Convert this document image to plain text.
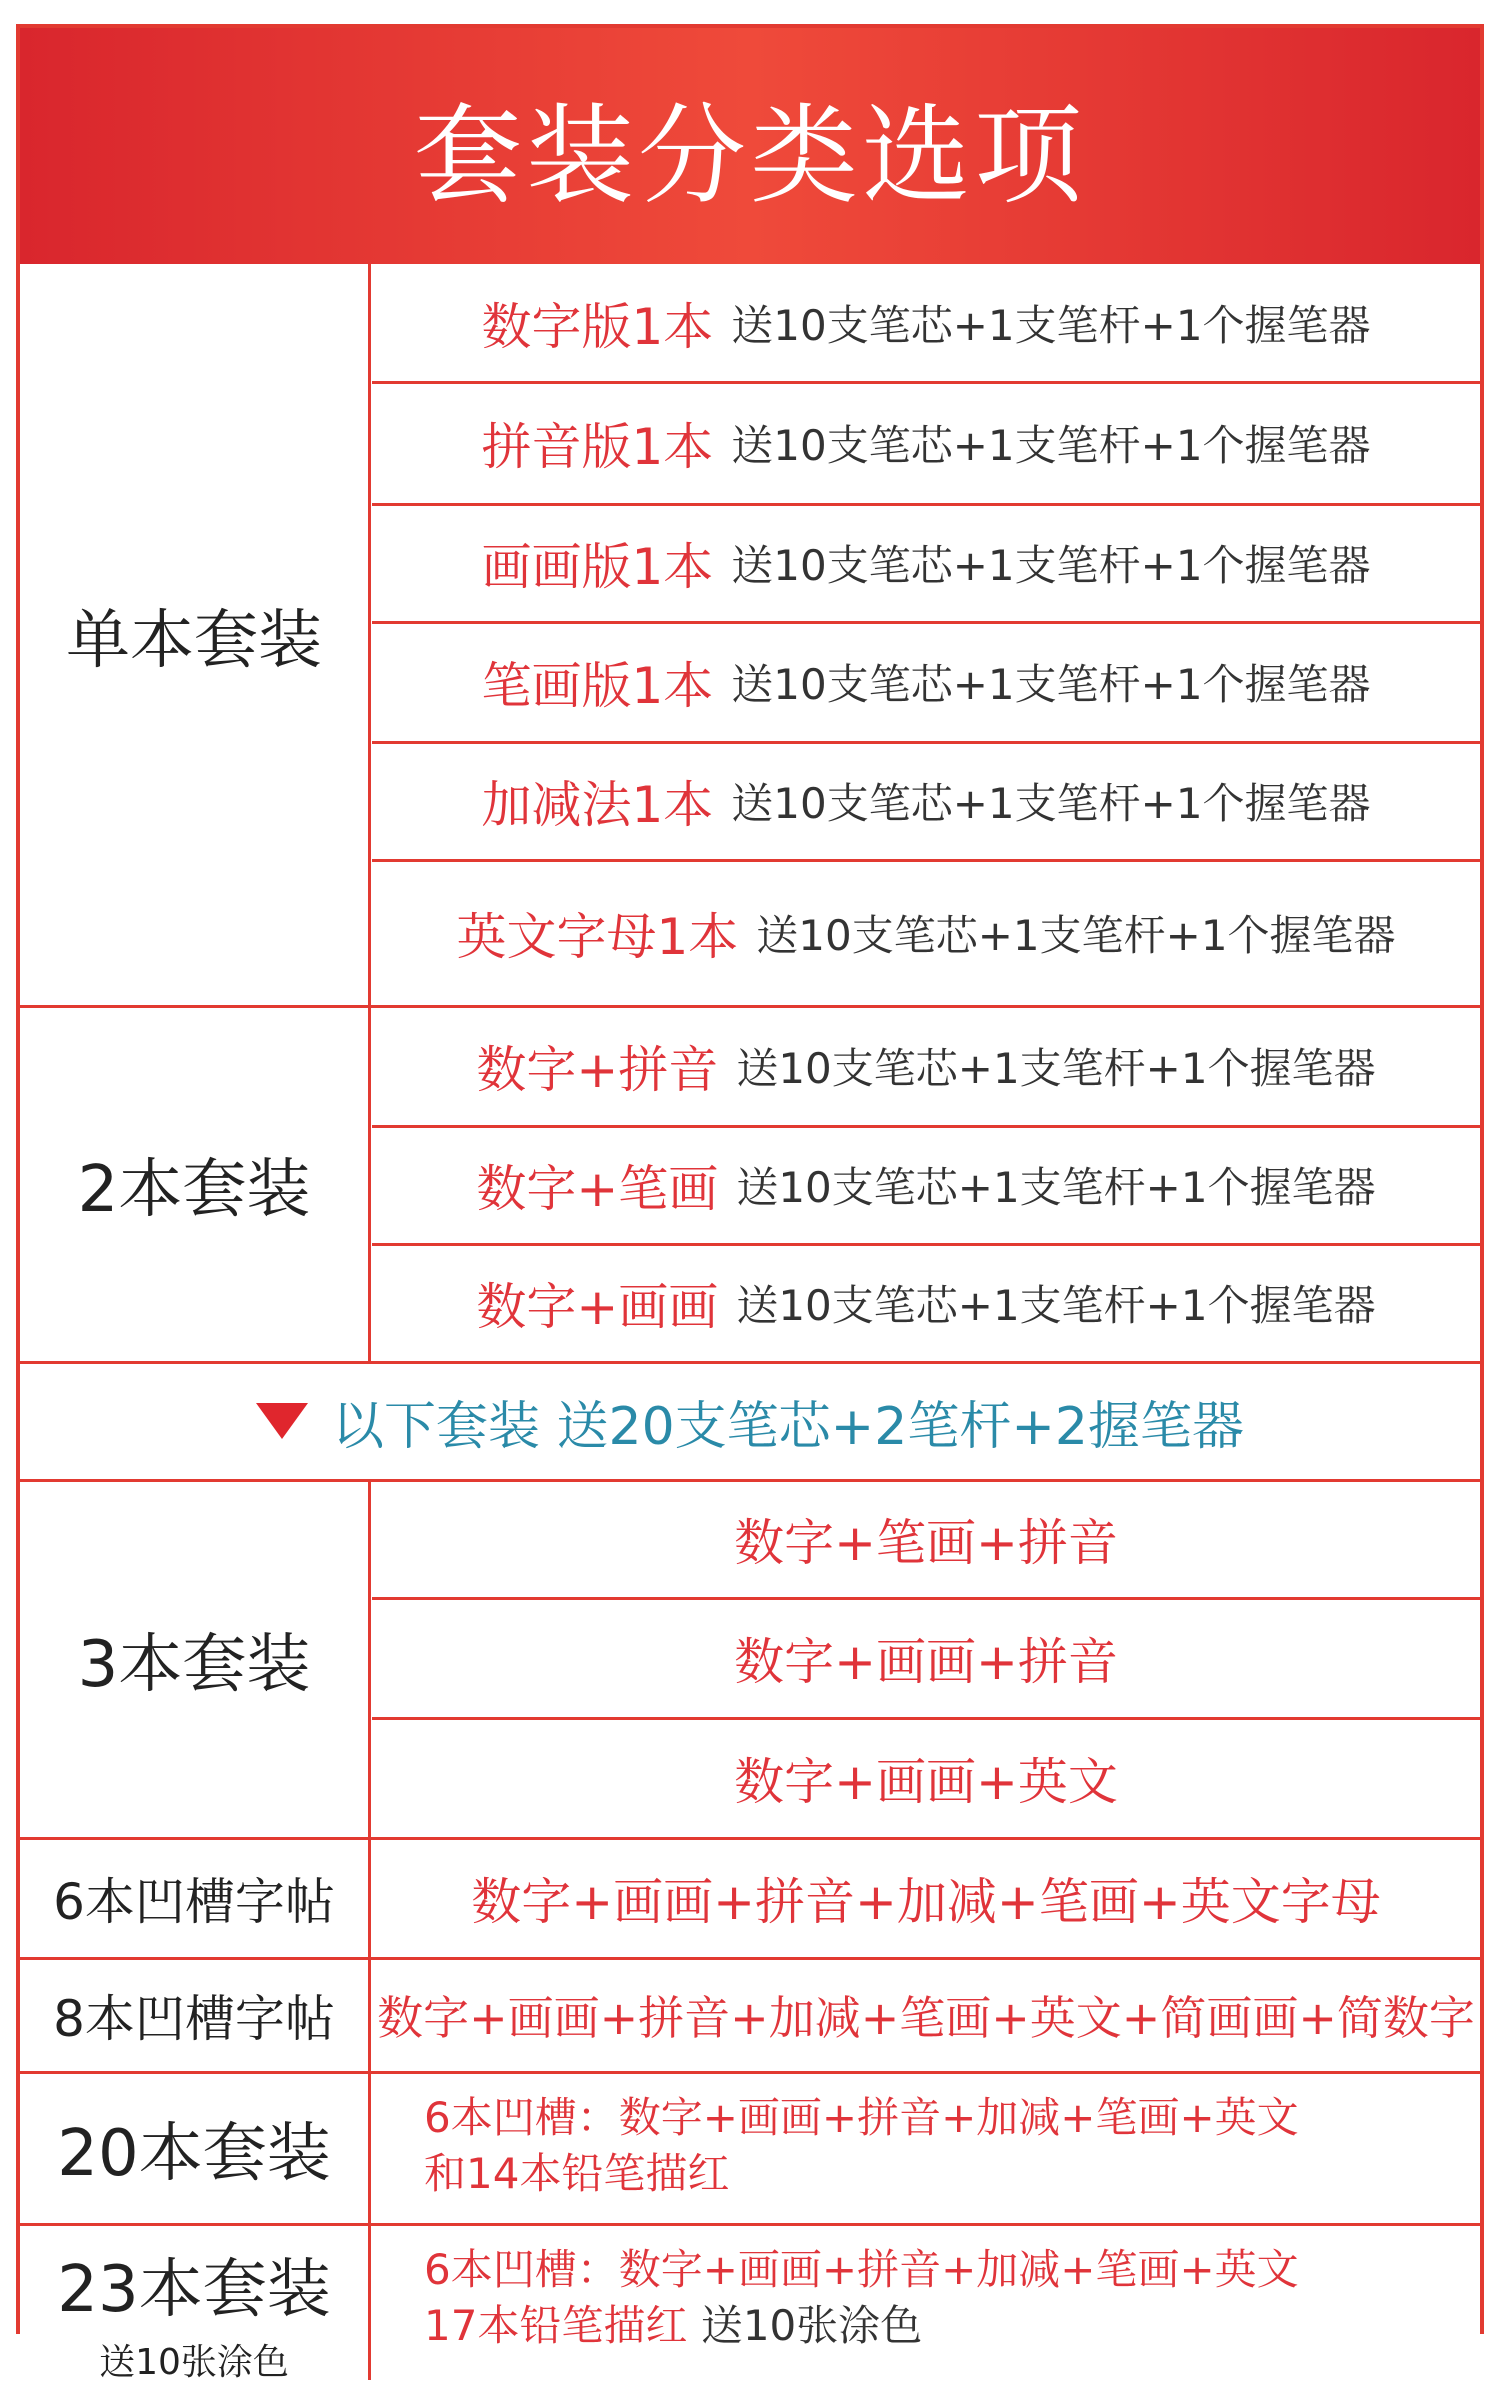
套装分类选项
单本套装
数字版1本 送10支笔芯+1支笔杆+1个握笔器
拼音版1本 送10支笔芯+1支笔杆+1个握笔器
画画版1本 送10支笔芯+1支笔杆+1个握笔器
笔画版1本 送10支笔芯+1支笔杆+1个握笔器
加减法1本 送10支笔芯+1支笔杆+1个握笔器
英文字母1本 送10支笔芯+1支笔杆+1个握笔器
2本套装
数字+拼音 送10支笔芯+1支笔杆+1个握笔器
数字+笔画 送10支笔芯+1支笔杆+1个握笔器
数字+画画 送10支笔芯+1支笔杆+1个握笔器
以下套装 送20支笔芯+2笔杆+2握笔器
3本套装
数字+笔画+拼音
数字+画画+拼音
数字+画画+英文
6本凹槽字帖	数字+画画+拼音+加减+笔画+英文字母
8本凹槽字帖 数字+画画+拼音+加减+笔画+英文+简画画+简数字
20本套装 6本凹槽：数字+画画+拼音+加减+笔画+英文
和14本铅笔描红
23本套装
送10张涂色
6本凹槽：数字+画画+拼音+加减+笔画+英文
17本铅笔描红 送10张涂色
